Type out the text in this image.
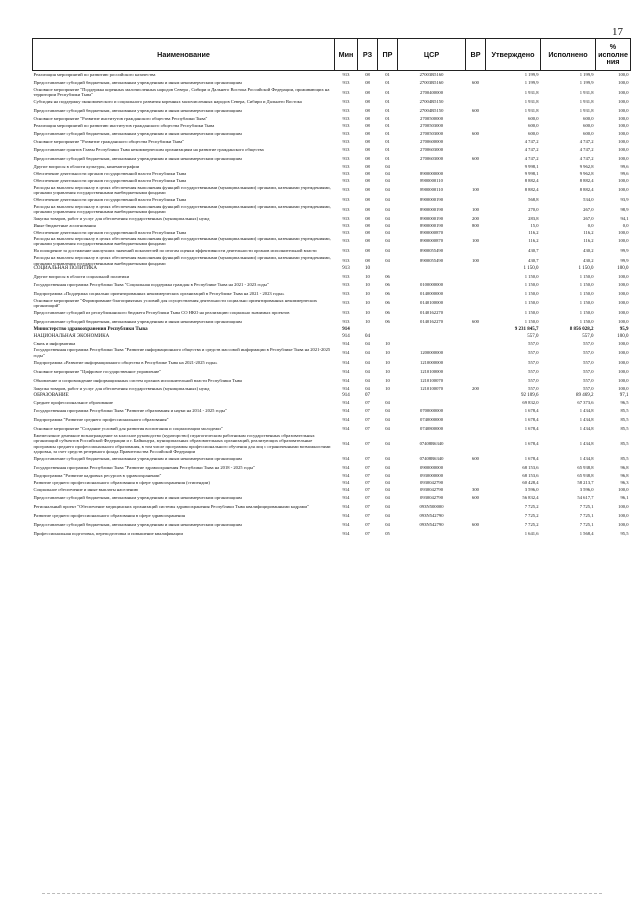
17
Наименование	Мин	РЗ	ПР	ЦСР	ВР	Утверждено	Исполнено	% исполне ния
Реализация мероприятий по развитию российского казачества	913	08	01	27003R5160		1 199,9	1 199,9	100,0
Предоставление субсидий бюджетным, автономным учреждениям и иным некоммерческим организациям	913	08	01	27003R5160	600	1 199,9	1 199,9	100,0
Основное мероприятие "Поддержка коренных малочисленных народов Севера , Сибири и Дальнего Востока Российской Федерации, проживающих на территории Республики Тыва"	913	08	01	2700400000		1 931,8	1 931,8	100,0
Субсидия на поддержку экономического и социального развития коренных малочисленных народов Севера, Сибири и Дальнего Востока	913	08	01	27004R5150		1 931,8	1 931,8	100,0
Предоставление субсидий бюджетным, автономным учреждениям и иным некоммерческим организациям	913	08	01	27004R5150	600	1 931,8	1 931,8	100,0
Основное мероприятие "Развитие институтов гражданского общества Республики Тыва"	913	08	01	2700500000		600,0	600,0	100,0
Реализация мероприятий по развитию институтов гражданского общества Республики Тыва	913	08	01	2700503000		600,0	600,0	100,0
Предоставление субсидий бюджетным, автономным учреждениям и иным некоммерческим организациям	913	08	01	2700503000	600	600,0	600,0	100,0
Основное мероприятие "Развитие гражданского общества Республики Тыва"	913	08	01	2700600000		4 747,2	4 747,2	100,0
Предоставление грантов Главы Республики Тыва некоммерческим организациям на развитие гражданского общества	913	08	01	2700603000		4 747,2	4 747,2	100,0
Предоставление субсидий бюджетным, автономным учреждениям и иным некоммерческим организациям	913	08	01	2700603000	600	4 747,2	4 747,2	100,0
Другие вопросы в области культуры, кинематографии	913	08	04			9 998,1	9 962,8	99,6
Обеспечение деятельности органов государственной власти Республики Тыва	913	08	04	8900000000		9 998,1	9 962,8	99,6
Обеспечение деятельности органов государственной власти Республики Тыва	913	08	04	8900000110		8 882,4	8 882,4	100,0
Расходы на выплаты персоналу в целях обеспечения выполнения функций государственными (муниципальными) органами, казенными учреждениями, органами управления государственными внебюджетными фондами	913	08	04	8900000110	100	8 882,4	8 882,4	100,0
Обеспечение деятельности органов государственной власти Республики Тыва	913	08	04	8900000190		568,8	534,0	93,9
Расходы на выплаты персоналу в целях обеспечения выполнения функций государственными (муниципальными) органами, казенными учреждениями, органами управления государственными внебюджетными фондами	913	08	04	8900000190	100	270,0	267,0	98,9
Закупка товаров, работ и услуг для обеспечения государственных (муниципальных) нужд	913	08	04	8900000190	200	283,8	267,0	94,1
Иные бюджетные ассигнования	913	08	04	8900000190	800	15,0	0,0	0,0
Обеспечение деятельности органов государственной власти Республики Тыва	913	08	04	8900000870		116,2	116,2	100,0
Расходы на выплаты персоналу в целях обеспечения выполнения функций государственными (муниципальными) органами, казенными учреждениями, органами управления государственными внебюджетными фондами	913	08	04	8900000870	100	116,2	116,2	100,0
На поощрение за достижение наилучших значений показателей по итогам оценки эффективности деятельности органов исполнительной власти	913	08	04	8900055490		430,7	430,2	99,9
Расходы на выплаты персоналу в целях обеспечения выполнения функций государственными (муниципальными) органами, казенными учреждениями, органами управления государственными внебюджетными фондами	913	08	04	8900055490	100	430,7	430,2	99,9
СОЦИАЛЬНАЯ ПОЛИТИКА	913	10				1 150,0	1 150,0	100,0
Другие вопросы в области социальной политики	913	10	06			1 150,0	1 150,0	100,0
Государственная программа Республики Тыва "Социальная поддержка граждан в Республике Тыва на 2021 - 2023 годы"	913	10	06	0100000000		1 150,0	1 150,0	100,0
Подпрограмма «Поддержка социально ориентированных некоммерческих организаций в Республике Тыва на 2021 - 2023 годы»	913	10	06	0140000000		1 150,0	1 150,0	100,0
Основное мероприятие "Формирование благоприятных условий для осуществления деятельности социально ориентированных некоммерческих организаций"	913	10	06	0140100000		1 150,0	1 150,0	100,0
Предоставление субсидий из республиканского бюджета Республики Тыва СО НКО на реализацию социально значимых проектов	913	10	06	0140162270		1 150,0	1 150,0	100,0
Предоставление субсидий бюджетным, автономным учреждениям и иным некоммерческим организациям	913	10	06	0140162270	600	1 150,0	1 150,0	100,0
Министерство здравоохранения Республики Тыва	914					9 231 845,7	8 856 028,2	95,9
НАЦИОНАЛЬНАЯ ЭКОНОМИКА	914	04				557,0	557,0	100,0
Связь и информатика	914	04	10			557,0	557,0	100,0
Государственная программа Республики Тыва "Развитие информационного общества и средств массовой информации в Республике Тыва на 2021-2025 годы"	914	04	10	1200000000		557,0	557,0	100,0
Подпрограмма «Развитие информационного общества в Республике Тыва на 2021-2025 годы»	914	04	10	1210000000		557,0	557,0	100,0
Основное мероприятие "Цифровое государственное управление"	914	04	10	1210100000		557,0	557,0	100,0
Обновление и сопровождение информационных систем органов исполнительной власти Республики Тыва	914	04	10	1210100070		557,0	557,0	100,0
Закупка товаров, работ и услуг для обеспечения государственных (муниципальных) нужд	914	04	10	1210100070	200	557,0	557,0	100,0
ОБРАЗОВАНИЕ	914	07				92 109,6	89 469,2	97,1
Среднее профессиональное образование	914	07	04			69 832,0	67 373,6	96,5
Государственная программа Республики Тыва "Развитие образования и науки на 2014 - 2025 годы"	914	07	04	0700000000		1 678,4	1 434,8	85,5
Подпрограмма "Развитие среднего профессионального образования"	914	07	04	0740000000		1 678,4	1 434,8	85,5
Основное мероприятие "Создание условий для развития воспитания и социализации молодежи"	914	07	04	0740800000		1 678,4	1 434,8	85,5
Ежемесячное денежное вознаграждение за классное руководство (кураторство) педагогическим работникам государственных образовательных организаций субъектов Российской Федерации и г. Байконура, муниципальных образовательных организаций, реализующих образовательные программы среднего профессионального образования, в том числе программы профессионального обучения для лиц с ограниченными возможностями здоровья, за счет средств резервного фонда Правительства Российской Федерации	914	07	04	07408R6340		1 678,4	1 434,8	85,5
Предоставление субсидий бюджетным, автономным учреждениям и иным некоммерческим организациям	914	07	04	07408R6340	600	1 678,4	1 434,8	85,5
Государственная программа Республики Тыва "Развитие здравоохранения Республики Тыва на 2018 - 2025 годы"	914	07	04	0900000000		68 153,6	65 938,8	96,8
Подпрограмма "Развитие кадровых ресурсов в здравоохранении"	914	07	04	0930000000		68 153,6	65 938,8	96,8
Развитие среднего профессионального образования в сфере здравоохранения (стипендии)	914	07	04	0930042790		60 428,4	58 213,7	96,3
Социальное обеспечение и иные выплаты населению	914	07	04	0930042790	300	3 596,0	3 596,0	100,0
Предоставление субсидий бюджетным, автономным учреждениям и иным некоммерческим организациям	914	07	04	0930042790	600	56 832,4	54 617,7	96,1
Региональный проект "Обеспечение медицинских организаций системы здравоохранения Республики Тыва квалифицированными кадрами"	914	07	04	093N500000		7 725,2	7 725,1	100,0
Развитие среднего профессионального образования в сфере здравоохранения	914	07	04	093N542790		7 725,2	7 725,1	100,0
Предоставление субсидий бюджетным, автономным учреждениям и иным некоммерческим организациям	914	07	04	093N542790	600	7 725,2	7 725,1	100,0
Профессиональная подготовка, переподготовка и повышение квалификации	914	07	05			1 641,6	1 568,4	95,5
